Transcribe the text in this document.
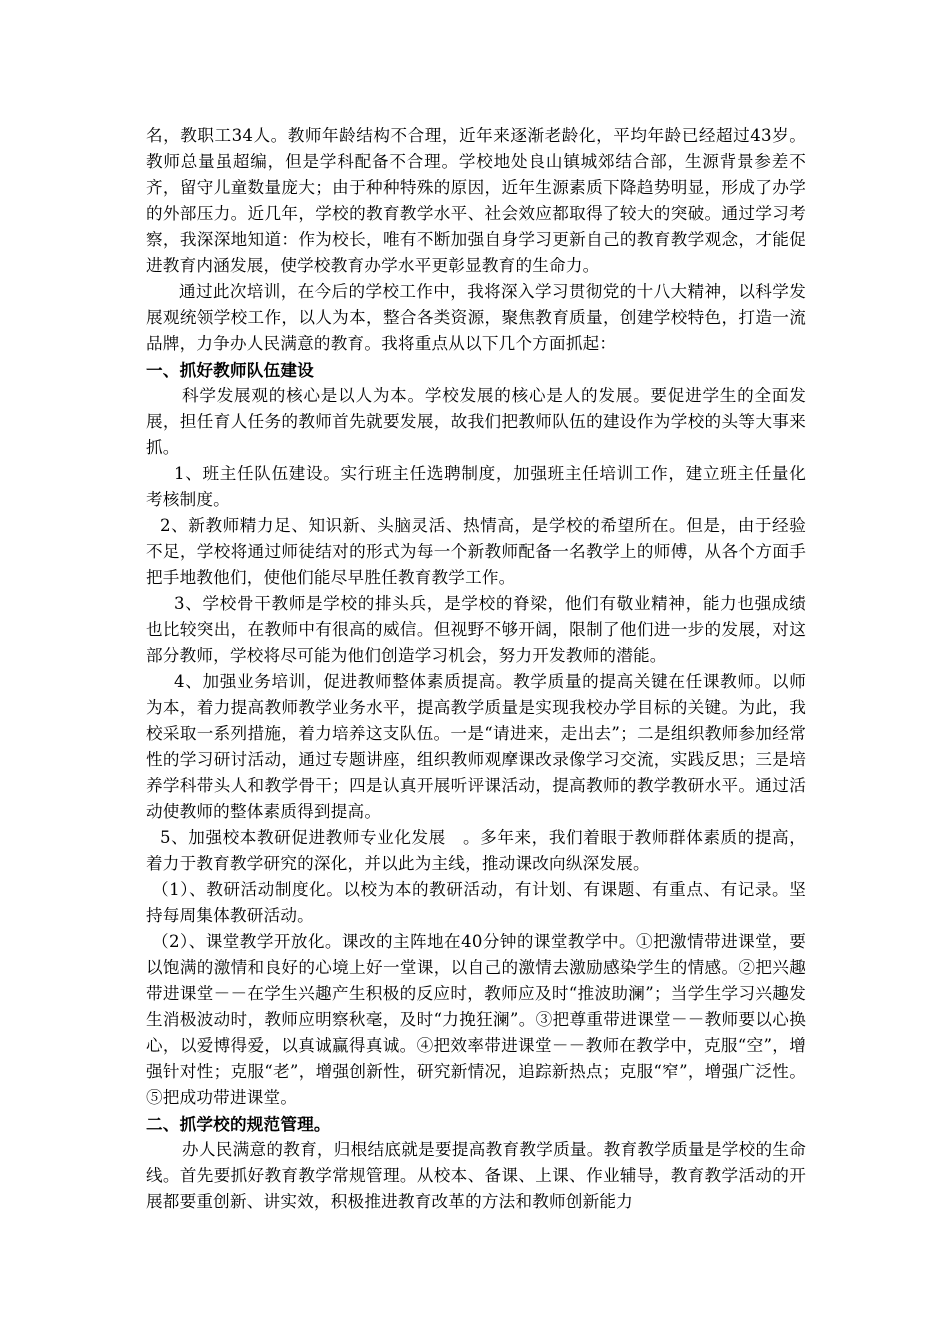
名，教职工34人。教师年龄结构不合理，近年来逐渐老龄化，平均年龄已经超过43岁。教师总量虽超编，但是学科配备不合理。学校地处良山镇城郊结合部，生源背景参差不齐，留守儿童数量庞大；由于种种特殊的原因，近年生源素质下降趋势明显，形成了办学的外部压力。近几年，学校的教育教学水平、社会效应都取得了较大的突破。通过学习考察，我深深地知道：作为校长，唯有不断加强自身学习更新自己的教育教学观念，才能促进教育内涵发展，使学校教育办学水平更彰显教育的生命力。

通过此次培训，在今后的学校工作中，我将深入学习贯彻党的十八大精神，以科学发展观统领学校工作，以人为本，整合各类资源，聚焦教育质量，创建学校特色，打造一流品牌，力争办人民满意的教育。我将重点从以下几个方面抓起：

一、抓好教师队伍建设

科学发展观的核心是以人为本。学校发展的核心是人的发展。要促进学生的全面发展，担任育人任务的教师首先就要发展，故我们把教师队伍的建设作为学校的头等大事来抓。

1、班主任队伍建设。实行班主任选聘制度，加强班主任培训工作，建立班主任量化考核制度。

2、新教师精力足、知识新、头脑灵活、热情高，是学校的希望所在。但是，由于经验不足，学校将通过师徒结对的形式为每一个新教师配备一名教学上的师傅，从各个方面手把手地教他们，使他们能尽早胜任教育教学工作。

3、学校骨干教师是学校的排头兵，是学校的脊梁，他们有敬业精神，能力也强成绩也比较突出，在教师中有很高的威信。但视野不够开阔，限制了他们进一步的发展，对这部分教师，学校将尽可能为他们创造学习机会，努力开发教师的潜能。

4、加强业务培训，促进教师整体素质提高。教学质量的提高关键在任课教师。以师为本，着力提高教师教学业务水平，提高教学质量是实现我校办学目标的关键。为此，我校采取一系列措施，着力培养这支队伍。一是“请进来，走出去”；二是组织教师参加经常性的学习研讨活动，通过专题讲座，组织教师观摩课改录像学习交流，实践反思；三是培养学科带头人和教学骨干；四是认真开展听评课活动，提高教师的教学教研水平。通过活动使教师的整体素质得到提高。

5、加强校本教研促进教师专业化发展　。多年来，我们着眼于教师群体素质的提高，着力于教育教学研究的深化，并以此为主线，推动课改向纵深发展。

（1）、教研活动制度化。以校为本的教研活动，有计划、有课题、有重点、有记录。坚持每周集体教研活动。

（2）、课堂教学开放化。课改的主阵地在40分钟的课堂教学中。①把激情带进课堂，要以饱满的激情和良好的心境上好一堂课，以自己的激情去激励感染学生的情感。②把兴趣带进课堂－－在学生兴趣产生积极的反应时，教师应及时“推波助澜”；当学生学习兴趣发生消极波动时，教师应明察秋毫，及时“力挽狂澜”。③把尊重带进课堂－－教师要以心换心，以爱博得爱，以真诚赢得真诚。④把效率带进课堂－－教师在教学中，克服“空”，增强针对性；克服“老”，增强创新性，研究新情况，追踪新热点；克服“窄”，增强广泛性。⑤把成功带进课堂。

二、抓学校的规范管理。

办人民满意的教育，归根结底就是要提高教育教学质量。教育教学质量是学校的生命线。首先要抓好教育教学常规管理。从校本、备课、上课、作业辅导，教育教学活动的开展都要重创新、讲实效，积极推进教育改革的方法和教师创新能力
